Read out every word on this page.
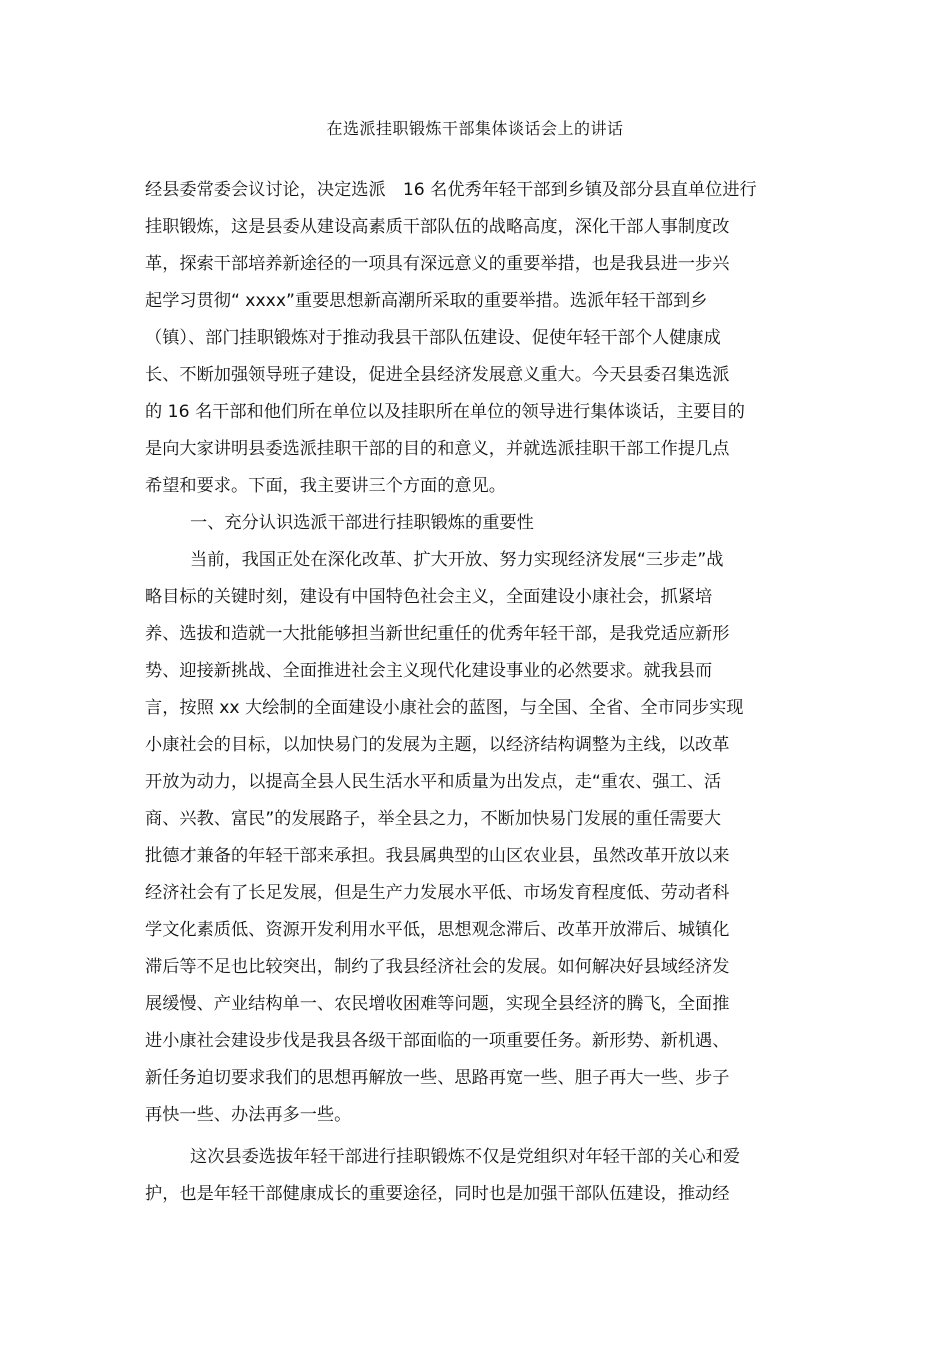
在选派挂职锻炼干部集体谈话会上的讲话
经县委常委会议讨论，决定选派　16 名优秀年轻干部到乡镇及部分县直单位进行
挂职锻炼，这是县委从建设高素质干部队伍的战略高度，深化干部人事制度改
革，探索干部培养新途径的一项具有深远意义的重要举措，也是我县进一步兴
起学习贯彻“ xxxx”重要思想新高潮所采取的重要举措。选派年轻干部到乡
（镇）、部门挂职锻炼对于推动我县干部队伍建设、促使年轻干部个人健康成
长、不断加强领导班子建设，促进全县经济发展意义重大。今天县委召集选派
的 16 名干部和他们所在单位以及挂职所在单位的领导进行集体谈话，主要目的
是向大家讲明县委选派挂职干部的目的和意义，并就选派挂职干部工作提几点
希望和要求。下面，我主要讲三个方面的意见。
一、充分认识选派干部进行挂职锻炼的重要性
当前，我国正处在深化改革、扩大开放、努力实现经济发展“三步走”战
略目标的关键时刻，建设有中国特色社会主义，全面建设小康社会，抓紧培
养、选拔和造就一大批能够担当新世纪重任的优秀年轻干部，是我党适应新形
势、迎接新挑战、全面推进社会主义现代化建设事业的必然要求。就我县而
言，按照 xx 大绘制的全面建设小康社会的蓝图，与全国、全省、全市同步实现
小康社会的目标，以加快易门的发展为主题，以经济结构调整为主线，以改革
开放为动力，以提高全县人民生活水平和质量为出发点，走“重农、强工、活
商、兴教、富民”的发展路子，举全县之力，不断加快易门发展的重任需要大
批德才兼备的年轻干部来承担。我县属典型的山区农业县，虽然改革开放以来
经济社会有了长足发展，但是生产力发展水平低、市场发育程度低、劳动者科
学文化素质低、资源开发利用水平低，思想观念滞后、改革开放滞后、城镇化
滞后等不足也比较突出，制约了我县经济社会的发展。如何解决好县域经济发
展缓慢、产业结构单一、农民增收困难等问题，实现全县经济的腾飞，全面推
进小康社会建设步伐是我县各级干部面临的一项重要任务。新形势、新机遇、
新任务迫切要求我们的思想再解放一些、思路再宽一些、胆子再大一些、步子
再快一些、办法再多一些。
这次县委选拔年轻干部进行挂职锻炼不仅是党组织对年轻干部的关心和爱
护，也是年轻干部健康成长的重要途径，同时也是加强干部队伍建设，推动经
